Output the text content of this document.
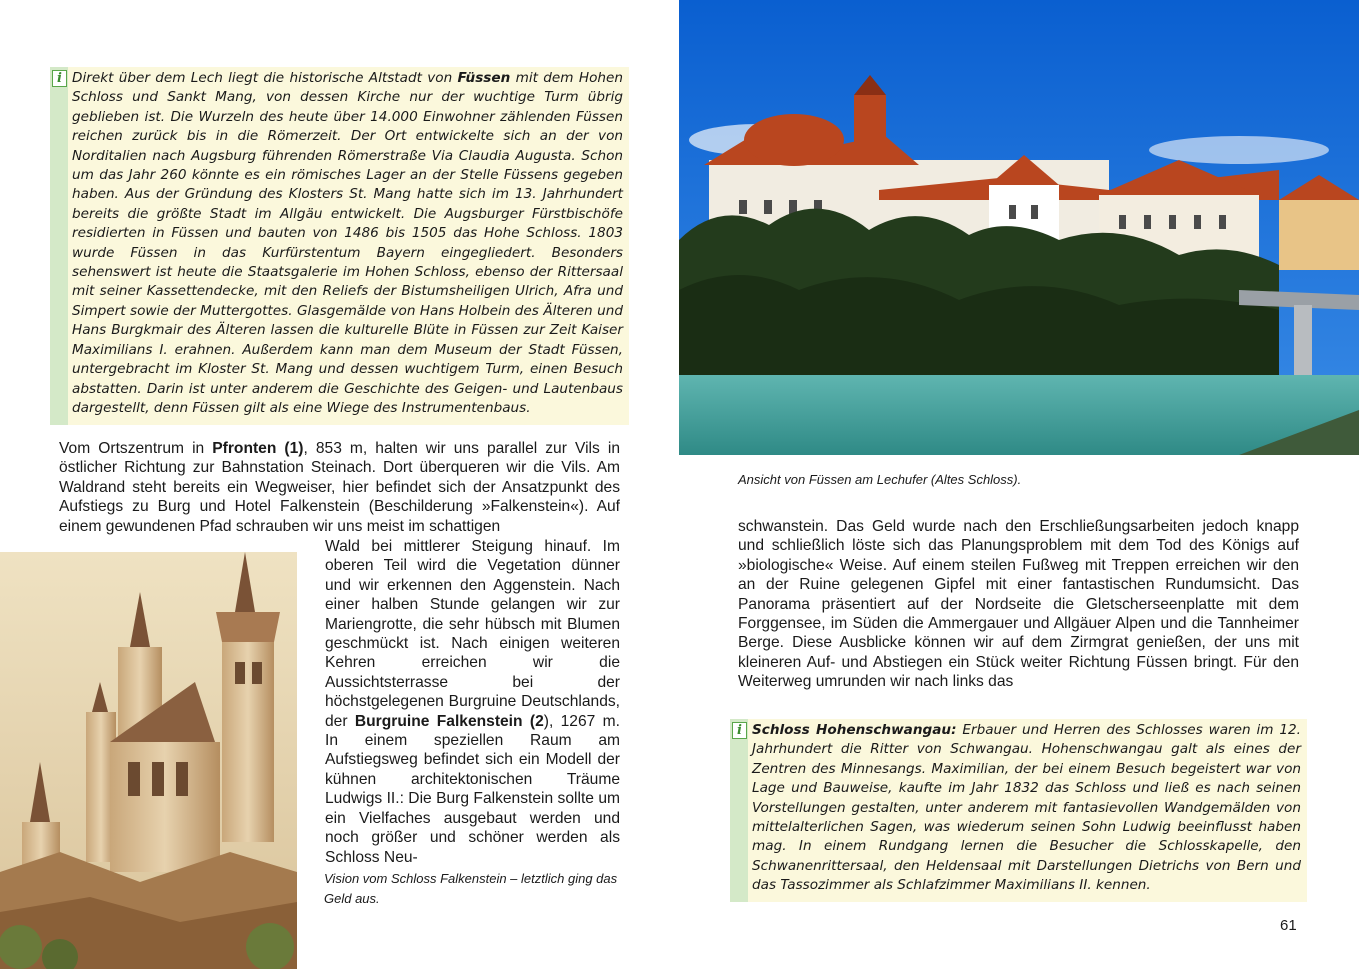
i Direkt über dem Lech liegt die historische Altstadt von Füssen mit dem Hohen Schloss und Sankt Mang, von dessen Kirche nur der wuchtige Turm übrig geblieben ist. Die Wurzeln des heute über 14.000 Einwohner zählenden Füssen reichen zurück bis in die Römerzeit. Der Ort entwickelte sich an der von Norditalien nach Augsburg führenden Römerstraße Via Claudia Augusta. Schon um das Jahr 260 könnte es ein römisches Lager an der Stelle Füssens gegeben haben. Aus der Gründung des Klosters St. Mang hatte sich im 13. Jahrhundert bereits die größte Stadt im Allgäu entwickelt. Die Augsburger Fürstbischöfe residierten in Füssen und bauten von 1486 bis 1505 das Hohe Schloss. 1803 wurde Füssen in das Kurfürstentum Bayern eingegliedert. Besonders sehenswert ist heute die Staatsgalerie im Hohen Schloss, ebenso der Rittersaal mit seiner Kassettendecke, mit den Reliefs der Bistumsheiligen Ulrich, Afra und Simpert sowie der Muttergottes. Glasgemälde von Hans Holbein des Älteren und Hans Burgkmair des Älteren lassen die kulturelle Blüte in Füssen zur Zeit Kaiser Maximilians I. erahnen. Außerdem kann man dem Museum der Stadt Füssen, untergebracht im Kloster St. Mang und dessen wuchtigem Turm, einen Besuch abstatten. Darin ist unter anderem die Geschichte des Geigen- und Lautenbaus dargestellt, denn Füssen gilt als eine Wiege des Instrumentenbaus.

Vom Ortszentrum in Pfronten (1), 853 m, halten wir uns parallel zur Vils in östlicher Richtung zur Bahnstation Steinach. Dort überqueren wir die Vils. Am Waldrand steht bereits ein Wegweiser, hier befindet sich der Ansatzpunkt des Aufstiegs zu Burg und Hotel Falkenstein (Beschilderung »Falkenstein«). Auf einem gewundenen Pfad schrauben wir uns meist im schattigen

Wald bei mittlerer Steigung hinauf. Im oberen Teil wird die Vegetation dünner und wir erkennen den Aggenstein. Nach einer halben Stunde gelangen wir zur Mariengrotte, die sehr hübsch mit Blumen geschmückt ist. Nach einigen weiteren Kehren erreichen wir die Aussichtsterrasse bei der höchstgelegenen Burgruine Deutschlands, der Burgruine Falkenstein (2), 1267 m. In einem speziellen Raum am Aufstiegsweg befindet sich ein Modell der kühnen architektonischen Träume Ludwigs II.: Die Burg Falkenstein sollte um ein Vielfaches ausgebaut werden und noch größer und schöner werden als Schloss Neu-

Vision vom Schloss Falkenstein – letztlich ging das Geld aus.
Ansicht von Füssen am Lechufer (Altes Schloss).

schwanstein. Das Geld wurde nach den Erschließungsarbeiten jedoch knapp und schließlich löste sich das Planungsproblem mit dem Tod des Königs auf »biologische« Weise. Auf einem steilen Fußweg mit Treppen erreichen wir den an der Ruine gelegenen Gipfel mit einer fantastischen Rundumsicht. Das Panorama präsentiert auf der Nordseite die Gletscherseenplatte mit dem Forggensee, im Süden die Ammergauer und Allgäuer Alpen und die Tannheimer Berge. Diese Ausblicke können wir auf dem Zirmgrat genießen, der uns mit kleineren Auf- und Abstiegen ein Stück weiter Richtung Füssen bringt. Für den Weiterweg umrunden wir nach links das

i Schloss Hohenschwangau: Erbauer und Herren des Schlosses waren im 12. Jahrhundert die Ritter von Schwangau. Hohenschwangau galt als eines der Zentren des Minnesangs. Maximilian, der bei einem Besuch begeistert war von Lage und Bauweise, kaufte im Jahr 1832 das Schloss und ließ es nach seinen Vorstellungen gestalten, unter anderem mit fantasievollen Wandgemälden von mittelalterlichen Sagen, was wiederum seinen Sohn Ludwig beeinflusst haben mag. In einem Rundgang lernen die Besucher die Schlosskapelle, den Schwanenrittersaal, den Heldensaal mit Darstellungen Dietrichs von Bern und das Tassozimmer als Schlafzimmer Maximilians II. kennen.

61
